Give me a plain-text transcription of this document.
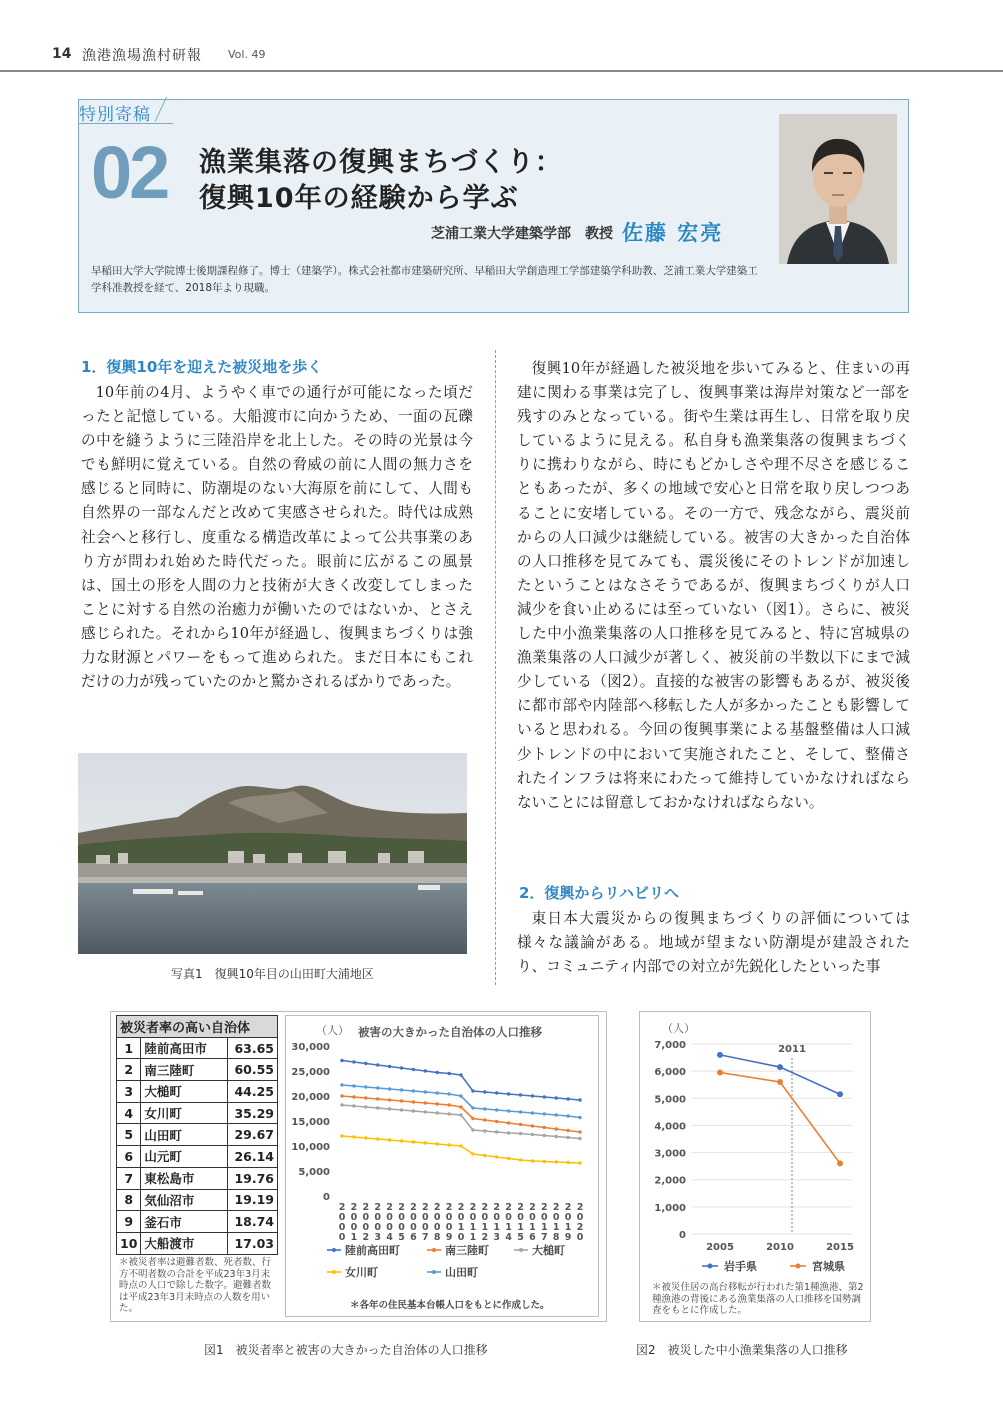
14 漁港漁場漁村研報 Vol. 49
特別寄稿
02 漁業集落の復興まちづくり：
復興10年の経験から学ぶ
芝浦工業大学建築学部　教授 佐藤 宏亮
早稲田大学大学院博士後期課程修了。博士（建築学）。株式会社都市建築研究所、早稲田大学創造理工学部建築学科助教、芝浦工業大学建築工学科准教授を経て、2018年より現職。
1．復興10年を迎えた被災地を歩く

10年前の4月、ようやく車での通行が可能になった頃だったと記憶している。大船渡市に向かうため、一面の瓦礫の中を縫うように三陸沿岸を北上した。その時の光景は今でも鮮明に覚えている。自然の脅威の前に人間の無力さを感じると同時に、防潮堤のない大海原を前にして、人間も自然界の一部なんだと改めて実感させられた。時代は成熟社会へと移行し、度重なる構造改革によって公共事業のあり方が問われ始めた時代だった。眼前に広がるこの風景は、国土の形を人間の力と技術が大きく改変してしまったことに対する自然の治癒力が働いたのではないか、とさえ感じられた。それから10年が経過し、復興まちづくりは強力な財源とパワーをもって進められた。まだ日本にもこれだけの力が残っていたのかと驚かされるばかりであった。

写真1　復興10年目の山田町大浦地区

復興10年が経過した被災地を歩いてみると、住まいの再建に関わる事業は完了し、復興事業は海岸対策など一部を残すのみとなっている。街や生業は再生し、日常を取り戻しているように見える。私自身も漁業集落の復興まちづくりに携わりながら、時にもどかしさや理不尽さを感じることもあったが、多くの地域で安心と日常を取り戻しつつあることに安堵している。その一方で、残念ながら、震災前からの人口減少は継続している。被害の大きかった自治体の人口推移を見てみても、震災後にそのトレンドが加速したということはなさそうであるが、復興まちづくりが人口減少を食い止めるには至っていない（図1）。さらに、被災した中小漁業集落の人口推移を見てみると、特に宮城県の漁業集落の人口減少が著しく、被災前の半数以下にまで減少している（図2）。直接的な被害の影響もあるが、被災後に都市部や内陸部へ移転した人が多かったことも影響していると思われる。今回の復興事業による基盤整備は人口減少トレンドの中において実施されたこと、そして、整備されたインフラは将来にわたって維持していかなければならないことには留意しておかなければならない。

2．復興からリハビリへ

東日本大震災からの復興まちづくりの評価については様々な議論がある。地域が望まない防潮堤が建設されたり、コミュニティ内部での対立が先鋭化したといった事

被災者率の高い自治体		
1	陸前高田市	63.65
2	南三陸町	60.55
3	大槌町	44.25
4	女川町	35.29
5	山田町	29.67
6	山元町	26.14
7	東松島市	19.76
8	気仙沼市	19.19
9	釜石市	18.74
10	大船渡市	17.03
＊被災者率は避難者数、死者数、行方不明者数の合計を平成23年3月末時点の人口で除した数字。避難者数は平成23年3月末時点の人数を用いた。
（人） 被害の大きかった自治体の人口推移
30,000
25,000
20,000
15,000
10,000
5,000
0
2
0
0
0
2
0
0
1
2
0
0
2
2
0
0
3
2
0
0
4
2
0
0
5
2
0
0
6
2
0
0
7
2
0
0
8
2
0
0
9
2
0
1
0
2
0
1
1
2
0
1
2
2
0
1
3
2
0
1
4
2
0
1
5
2
0
1
6
2
0
1
7
2
0
1
8
2
0
1
9
2
0
2
0
陸前高田町	南三陸町	大槌町
女川町	山田町
＊各年の住民基本台帳人口をもとに作成した。
図1　被災者率と被害の大きかった自治体の人口推移
（人）
7,000
6,000
5,000
4,000
3,000
2,000
1,000
0
2005	2010	2015
2011
岩手県	宮城県
＊被災住居の高台移転が行われた第1種漁港、第2種漁港の背後にある漁業集落の人口推移を国勢調査をもとに作成した。
図2　被災した中小漁業集落の人口推移
